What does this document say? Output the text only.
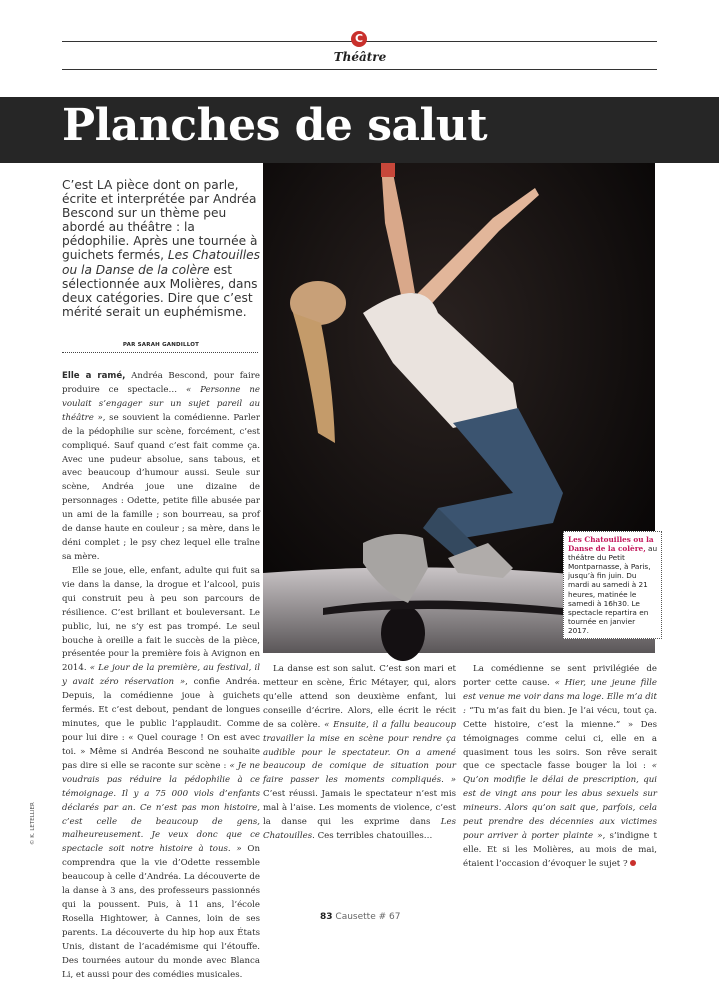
C
Théâtre
Planches de salut
Les Chatouilles ou la Danse de la colère, au théâtre du Petit Montparnasse, à Paris, jusqu’à fin juin. Du mardi au samedi à 21 heures, matinée le samedi à 16h30. Le spectacle repartira en tournée en janvier 2017.
C’est LA pièce dont on parle, écrite et interprétée par Andréa Bescond sur un thème peu abordé au théâtre : la pédophilie. Après une tournée à guichets fermés, Les Chatouilles ou la Danse de la colère est sélectionnée aux Molières, dans deux catégories. Dire que c’est mérité serait un euphémisme.
PAR SARAH GANDILLOT

Elle a ramé, Andréa Bescond, pour faire produire ce spectacle… « Personne ne voulait s’engager sur un sujet pareil au théâtre », se souvient la comédienne. Parler de la pédophilie sur scène, forcément, c’est compliqué. Sauf quand c’est fait comme ça. Avec une pudeur absolue, sans tabous, et avec beaucoup d’humour aussi. Seule sur scène, Andréa joue une dizaine de personnages : Odette, petite fille abusée par un ami de la famille ; son bourreau, sa prof de danse haute en couleur ; sa mère, dans le déni complet ; le psy chez lequel elle traîne sa mère.

Elle se joue, elle, enfant, adulte qui fuit sa vie dans la danse, la drogue et l’alcool, puis qui construit peu à peu son parcours de résilience. C’est brillant et bouleversant. Le public, lui, ne s’y est pas trompé. Le seul bouche à oreille a fait le succès de la pièce, présentée pour la première fois à Avignon en 2014. « Le jour de la première, au festival, il y avait zéro réservation », confie Andréa. Depuis, la comédienne joue à guichets fermés. Et c’est debout, pendant de longues minutes, que le public l’applaudit. Comme pour lui dire : « Quel courage ! On est avec toi. » Même si Andréa Bescond ne souhaite pas dire si elle se raconte sur scène : « Je ne voudrais pas réduire la pédophilie à ce témoignage. Il y a 75 000 viols d’enfants déclarés par an. Ce n’est pas mon histoire, c’est celle de beaucoup de gens, malheureusement. Je veux donc que ce spectacle soit notre histoire à tous. » On comprendra que la vie d’Odette ressemble beaucoup à celle d’Andréa. La découverte de la danse à 3 ans, des professeurs passionnés qui la poussent. Puis, à 11 ans, l’école Rosella Hightower, à Cannes, loin de ses parents. La découverte du hip hop aux États Unis, distant de l’académisme qui l’étouffe. Des tournées autour du monde avec Blanca Li, et aussi pour des comédies musicales.

La danse est son salut. C’est son mari et metteur en scène, Éric Métayer, qui, alors qu’elle attend son deuxième enfant, lui conseille d’écrire. Alors, elle écrit le récit de sa colère. « Ensuite, il a fallu beaucoup travailler la mise en scène pour rendre ça audible pour le spectateur. On a amené beaucoup de comique de situation pour faire passer les moments compliqués. » C’est réussi. Jamais le spectateur n’est mis mal à l’aise. Les moments de violence, c’est la danse qui les exprime dans Les Chatouilles. Ces terribles chatouilles…

La comédienne se sent privilégiée de porter cette cause. « Hier, une jeune fille est venue me voir dans ma loge. Elle m’a dit : “Tu m’as fait du bien. Je l’ai vécu, tout ça. Cette histoire, c’est la mienne.” » Des témoignages comme celui ci, elle en a quasiment tous les soirs. Son rêve serait que ce spectacle fasse bouger la loi : « Qu’on modifie le délai de prescription, qui est de vingt ans pour les abus sexuels sur mineurs. Alors qu’on sait que, parfois, cela peut prendre des décennies aux victimes pour arriver à porter plainte », s’indigne t elle. Et si les Molières, au mois de mai, étaient l’occasion d’évoquer le sujet ?

© K. LETELLIER
83 Causette # 67
